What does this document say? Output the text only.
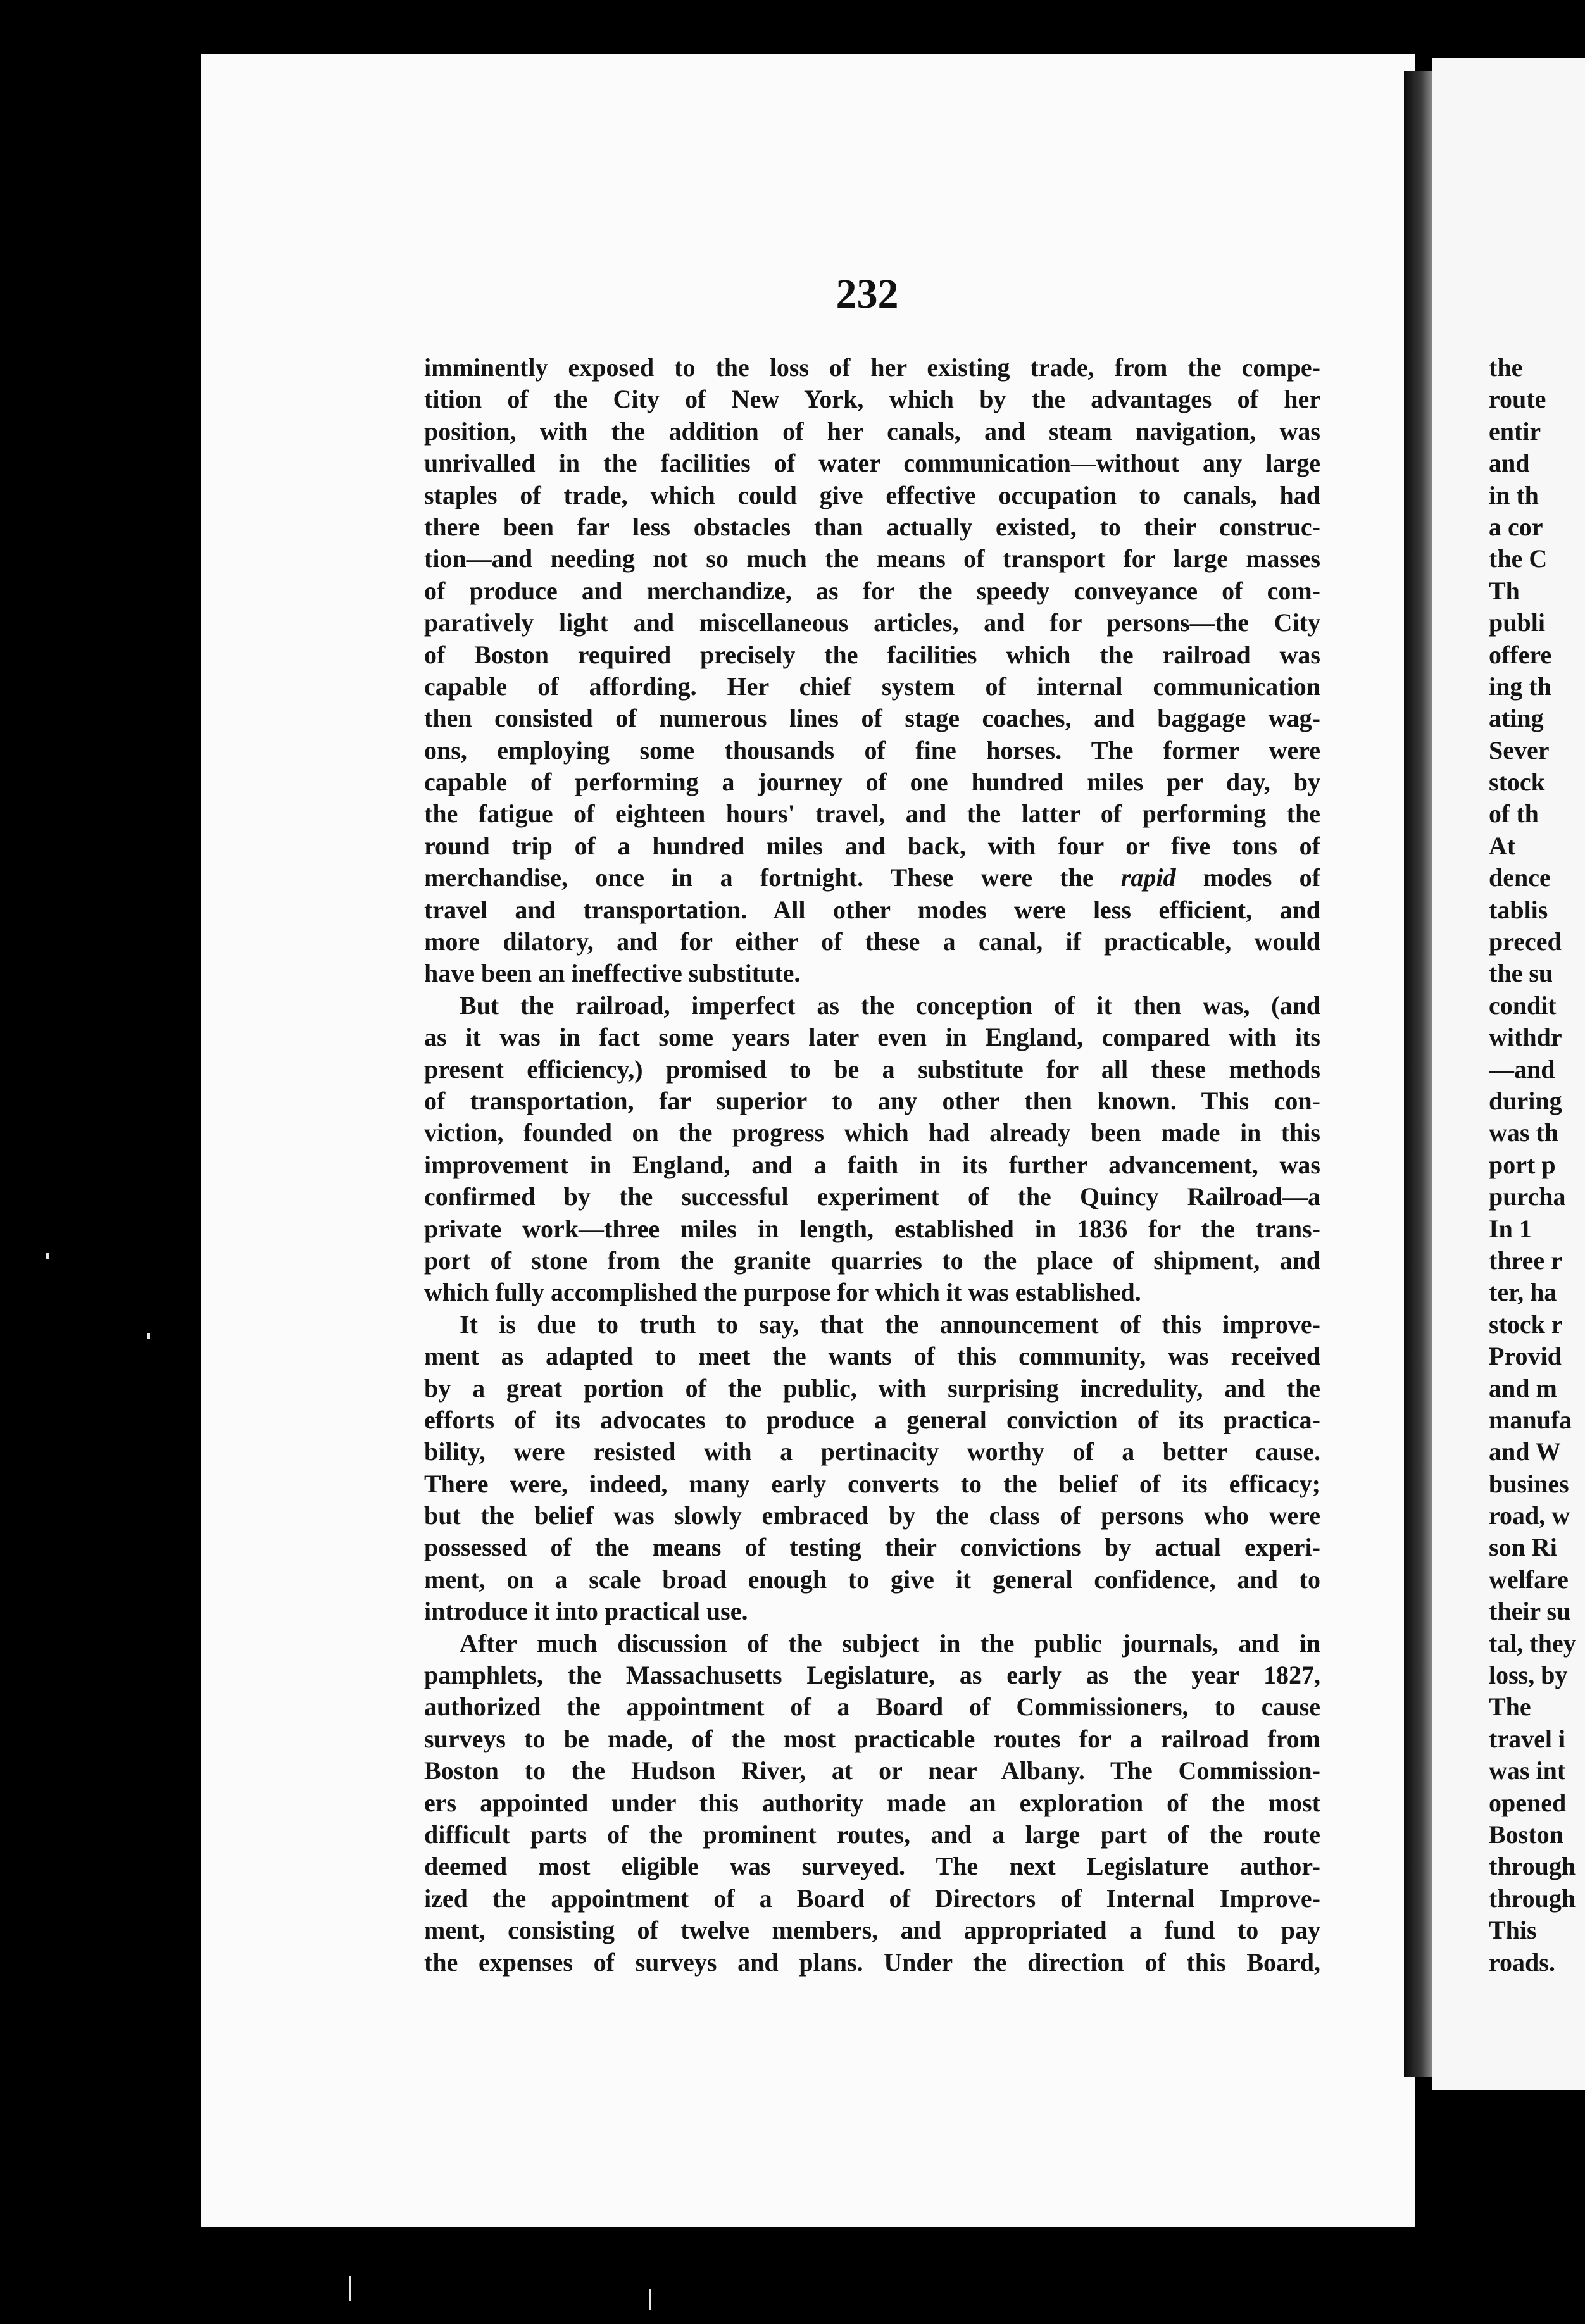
232
imminently exposed to the loss of her existing trade, from the compe-
tition of the City of New York, which by the advantages of her
position, with the addition of her canals, and steam navigation, was
unrivalled in the facilities of water communication—without any large
staples of trade, which could give effective occupation to canals, had
there been far less obstacles than actually existed, to their construc-
tion—and needing not so much the means of transport for large masses
of produce and merchandize, as for the speedy conveyance of com-
paratively light and miscellaneous articles, and for persons—the City
of Boston required precisely the facilities which the railroad was
capable of affording. Her chief system of internal communication
then consisted of numerous lines of stage coaches, and baggage wag-
ons, employing some thousands of fine horses. The former were
capable of performing a journey of one hundred miles per day, by
the fatigue of eighteen hours' travel, and the latter of performing the
round trip of a hundred miles and back, with four or five tons of
merchandise, once in a fortnight. These were the rapid modes of
travel and transportation. All other modes were less efficient, and
more dilatory, and for either of these a canal, if practicable, would
have been an ineffective substitute.
But the railroad, imperfect as the conception of it then was, (and
as it was in fact some years later even in England, compared with its
present efficiency,) promised to be a substitute for all these methods
of transportation, far superior to any other then known. This con-
viction, founded on the progress which had already been made in this
improvement in England, and a faith in its further advancement, was
confirmed by the successful experiment of the Quincy Railroad—a
private work—three miles in length, established in 1836 for the trans-
port of stone from the granite quarries to the place of shipment, and
which fully accomplished the purpose for which it was established.
It is due to truth to say, that the announcement of this improve-
ment as adapted to meet the wants of this community, was received
by a great portion of the public, with surprising incredulity, and the
efforts of its advocates to produce a general conviction of its practica-
bility, were resisted with a pertinacity worthy of a better cause.
There were, indeed, many early converts to the belief of its efficacy;
but the belief was slowly embraced by the class of persons who were
possessed of the means of testing their convictions by actual experi-
ment, on a scale broad enough to give it general confidence, and to
introduce it into practical use.
After much discussion of the subject in the public journals, and in
pamphlets, the Massachusetts Legislature, as early as the year 1827,
authorized the appointment of a Board of Commissioners, to cause
surveys to be made, of the most practicable routes for a railroad from
Boston to the Hudson River, at or near Albany. The Commission-
ers appointed under this authority made an exploration of the most
difficult parts of the prominent routes, and a large part of the route
deemed most eligible was surveyed. The next Legislature author-
ized the appointment of a Board of Directors of Internal Improve-
ment, consisting of twelve members, and appropriated a fund to pay
the expenses of surveys and plans. Under the direction of this Board,
the
route
entir
and
in th
a cor
the C
Th
publi
offere
ing th
ating
Sever
stock
of th
At
dence
tablis
preced
the su
condit
withdr
—and
during
was th
port p
purcha
In 1
three r
ter, ha
stock r
Provid
and m
manufa
and W
busines
road, w
son Ri
welfare
their su
tal, they
loss, by
The
travel i
was int
opened
Boston
through
through
This
roads.
